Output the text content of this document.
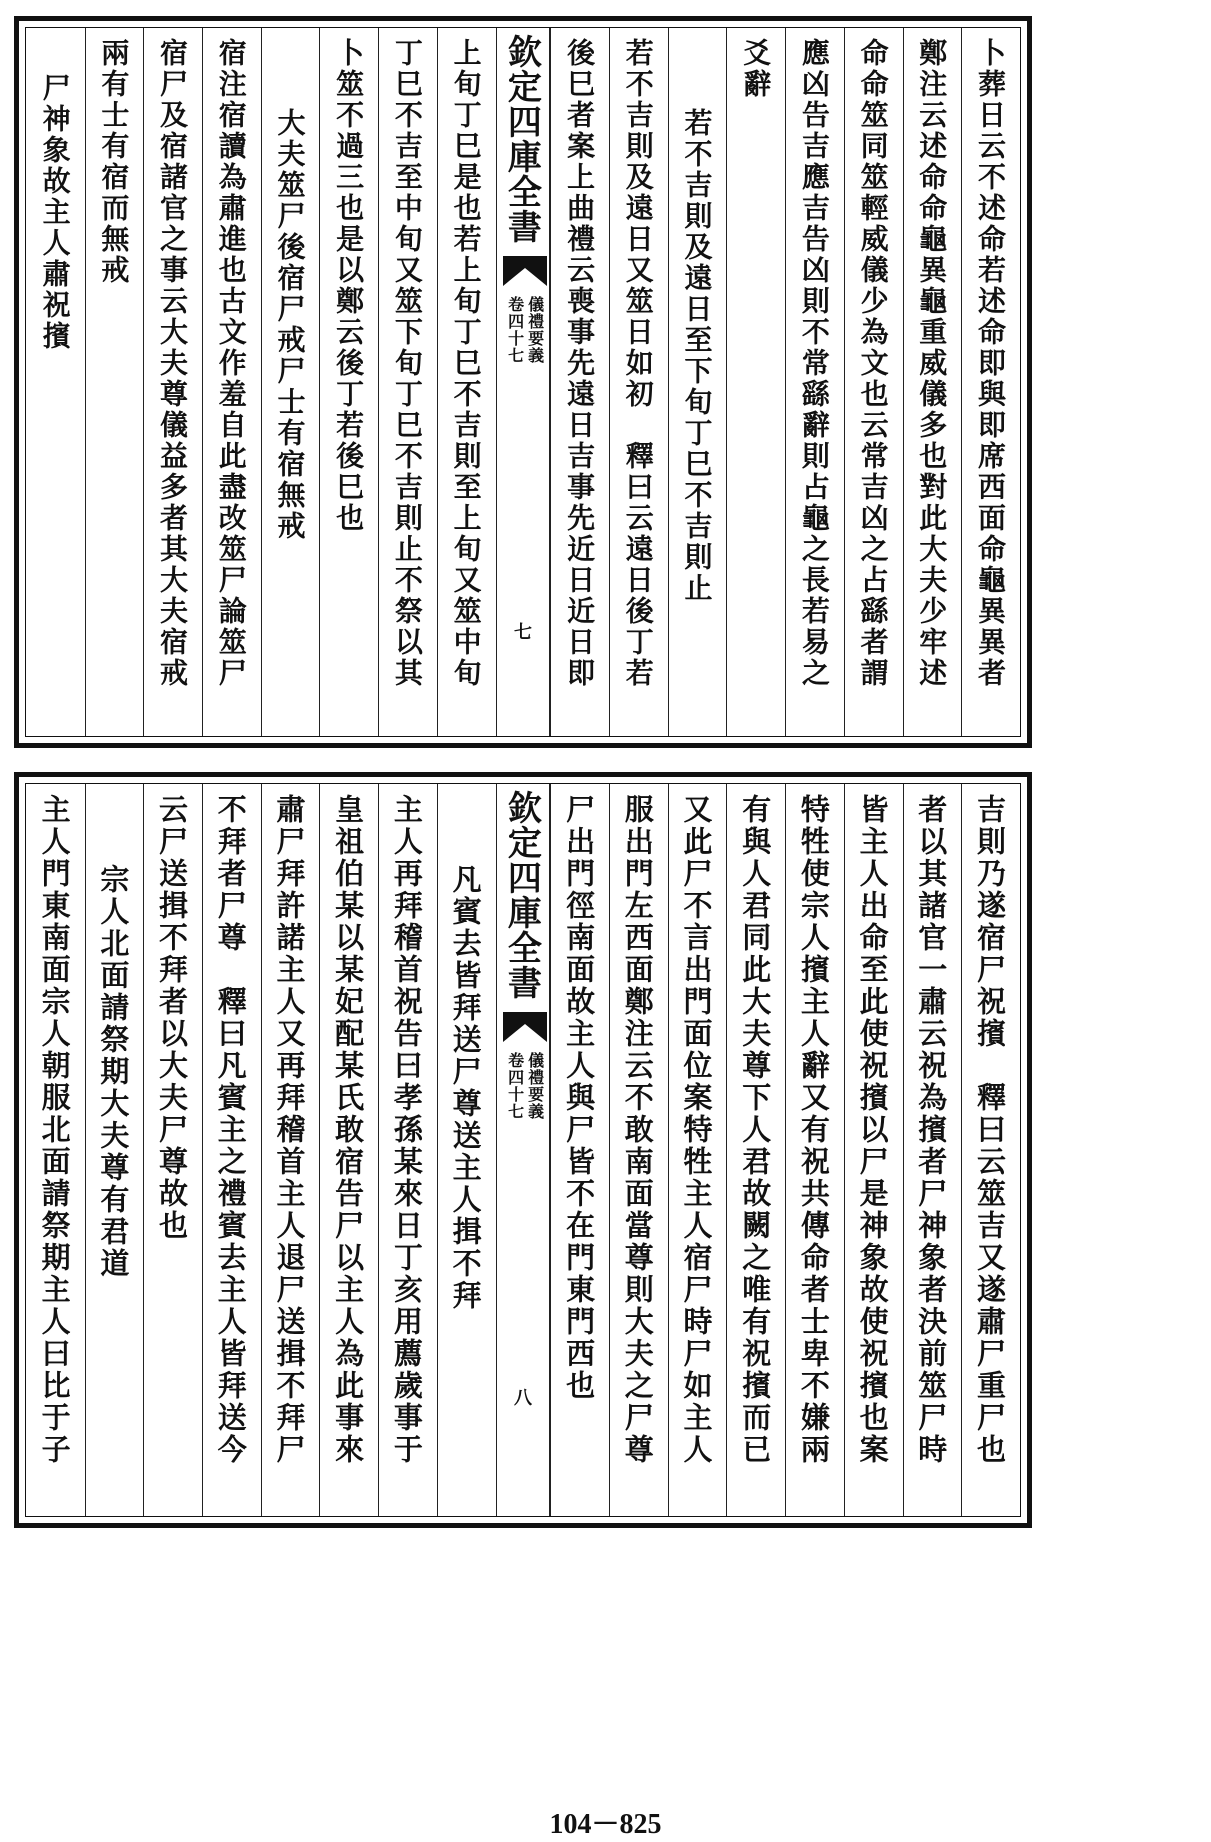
卜葬日云不述命若述命即與即席西面命龜異異者
鄭注云述命命龜異龜重威儀多也對此大夫少牢述
命命筮同筮輕威儀少為文也云常吉凶之占繇者謂
應凶告吉應吉告凶則不常繇辭則占龜之長若易之
爻辭
若不吉則及遠日至下旬丁巳不吉則止
若不吉則及遠日又筮日如初　釋曰云遠日後丁若
後巳者案上曲禮云喪事先遠日吉事先近日近日即
欽定四庫全書
儀禮要義
卷四十七
七
上旬丁巳是也若上旬丁巳不吉則至上旬又筮中旬
丁巳不吉至中旬又筮下旬丁巳不吉則止不祭以其
卜筮不過三也是以鄭云後丁若後巳也
大夫筮尸後宿尸戒尸士有宿無戒
宿注宿讀為肅進也古文作羞自此盡改筮尸論筮尸
宿尸及宿諸官之事云大夫尊儀益多者其大夫宿戒
兩有士有宿而無戒
尸神象故主人肅祝擯
吉則乃遂宿尸祝擯　釋曰云筮吉又遂肅尸重尸也
者以其諸官一肅云祝為擯者尸神象者決前筮尸時
皆主人出命至此使祝擯以尸是神象故使祝擯也案
特牲使宗人擯主人辭又有祝共傳命者士卑不嫌兩
有與人君同此大夫尊下人君故闕之唯有祝擯而已
又此尸不言出門面位案特牲主人宿尸時尸如主人
服出門左西面鄭注云不敢南面當尊則大夫之尸尊
尸出門徑南面故主人與尸皆不在門東門西也
欽定四庫全書
儀禮要義
卷四十七
八
凡賓去皆拜送尸尊送主人揖不拜
主人再拜稽首祝告曰孝孫某來日丁亥用薦歲事于
皇祖伯某以某妃配某氏敢宿告尸以主人為此事來
肅尸拜許諾主人又再拜稽首主人退尸送揖不拜尸
不拜者尸尊　釋曰凡賓主之禮賓去主人皆拜送今
云尸送揖不拜者以大夫尸尊故也
宗人北面請祭期大夫尊有君道
主人門東南面宗人朝服北面請祭期主人曰比于子
104－825
